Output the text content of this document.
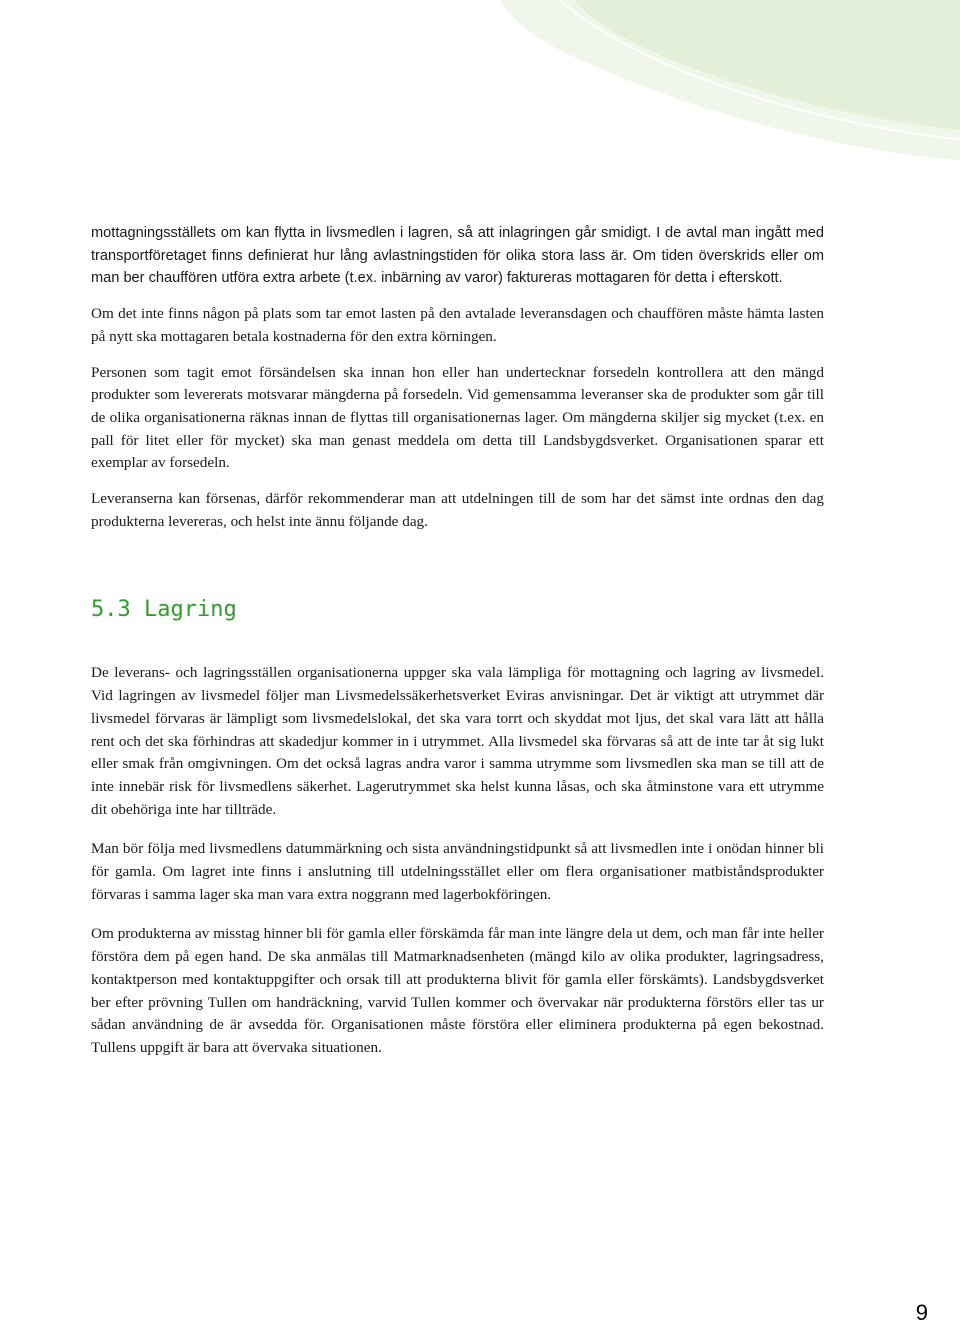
mottagningsställets om kan flytta in livsmedlen i lagren, så att inlagringen går smidigt. I de avtal man ingått med transportföretaget finns definierat hur lång avlastningstiden för olika stora lass är. Om tiden överskrids eller om man ber chauffören utföra extra arbete (t.ex. inbärning av varor) faktureras mottagaren för detta i efterskott.

Om det inte finns någon på plats som tar emot lasten på den avtalade leveransdagen och chauffören måste hämta lasten på nytt ska mottagaren betala kostnaderna för den extra körningen.

Personen som tagit emot försändelsen ska innan hon eller han undertecknar forsedeln kontrollera att den mängd produkter som levererats motsvarar mängderna på forsedeln. Vid gemensamma leveranser ska de produkter som går till de olika organisationerna räknas innan de flyttas till organisationernas lager. Om mängderna skiljer sig mycket (t.ex. en pall för litet eller för mycket) ska man genast meddela om detta till Landsbygdsverket. Organisationen sparar ett exemplar av forsedeln.

Leveranserna kan försenas, därför rekommenderar man att utdelningen till de som har det sämst inte ordnas den dag produkterna levereras, och helst inte ännu följande dag.

5.3 Lagring

De leverans- och lagringsställen organisationerna uppger ska vala lämpliga för mottagning och lagring av livsmedel. Vid lagringen av livsmedel följer man Livsmedelssäkerhetsverket Eviras anvisningar. Det är viktigt att utrymmet där livsmedel förvaras är lämpligt som livsmedelslokal, det ska vara torrt och skyddat mot ljus, det skal vara lätt att hålla rent och det ska förhindras att skadedjur kommer in i utrymmet. Alla livsmedel ska förvaras så att de inte tar åt sig lukt eller smak från omgivningen. Om det också lagras andra varor i samma utrymme som livsmedlen ska man se till att de inte innebär risk för livsmedlens säkerhet. Lagerutrymmet ska helst kunna låsas, och ska åtminstone vara ett utrymme dit obehöriga inte har tillträde.

Man bör följa med livsmedlens datummärkning och sista användningstidpunkt så att livsmedlen inte i onödan hinner bli för gamla. Om lagret inte finns i anslutning till utdelningsstället eller om flera organisationer matbiståndsprodukter förvaras i samma lager ska man vara extra noggrann med lagerbokföringen.

Om produkterna av misstag hinner bli för gamla eller förskämda får man inte längre dela ut dem, och man får inte heller förstöra dem på egen hand. De ska anmälas till Matmarknadsenheten (mängd kilo av olika produkter, lagringsadress, kontaktperson med kontaktuppgifter och orsak till att produkterna blivit för gamla eller förskämts). Landsbygdsverket ber efter prövning Tullen om handräckning, varvid Tullen kommer och övervakar när produkterna förstörs eller tas ur sådan användning de är avsedda för. Organisationen måste förstöra eller eliminera produkterna på egen bekostnad. Tullens uppgift är bara att övervaka situationen.

9
